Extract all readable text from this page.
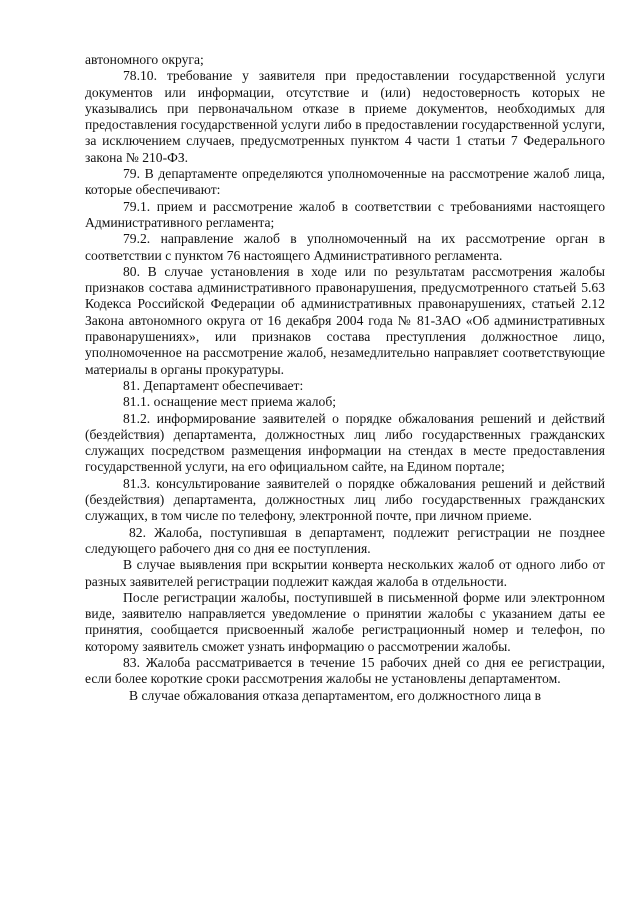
автономного округа;

78.10. требование у заявителя при предоставлении государственной услуги документов или информации, отсутствие и (или) недостоверность которых не указывались при первоначальном отказе в приеме документов, необходимых для предоставления государственной услуги либо в предоставлении государственной услуги, за исключением случаев, предусмотренных пунктом 4 части 1 статьи 7 Федерального закона № 210-ФЗ.

79. В департаменте определяются уполномоченные на рассмотрение жалоб лица, которые обеспечивают:

79.1. прием и рассмотрение жалоб в соответствии с требованиями настоящего Административного регламента;

79.2. направление жалоб в уполномоченный на их рассмотрение орган в соответствии с пунктом 76 настоящего Административного регламента.

80. В случае установления в ходе или по результатам рассмотрения жалобы признаков состава административного правонарушения, предусмотренного статьей 5.63 Кодекса Российской Федерации об административных правонарушениях, статьей 2.12 Закона автономного округа от 16 декабря 2004 года № 81-ЗАО «Об административных правонарушениях», или признаков состава преступления должностное лицо, уполномоченное на рассмотрение жалоб, незамедлительно направляет соответствующие материалы в органы прокуратуры.

81. Департамент обеспечивает:

81.1. оснащение мест приема жалоб;

81.2. информирование заявителей о порядке обжалования решений и действий (бездействия) департамента, должностных лиц либо государственных гражданских служащих посредством размещения информации на стендах в месте предоставления государственной услуги, на его официальном сайте, на Едином портале;

81.3. консультирование заявителей о порядке обжалования решений и действий (бездействия) департамента, должностных лиц либо государственных гражданских служащих, в том числе по телефону, электронной почте, при личном приеме.

82. Жалоба, поступившая в департамент, подлежит регистрации не позднее следующего рабочего дня со дня ее поступления.

В случае выявления при вскрытии конверта нескольких жалоб от одного либо от разных заявителей регистрации подлежит каждая жалоба в отдельности.

После регистрации жалобы, поступившей в письменной форме или электронном виде, заявителю направляется уведомление о принятии жалобы с указанием даты ее принятия, сообщается присвоенный жалобе регистрационный номер и телефон, по которому заявитель сможет узнать информацию о рассмотрении жалобы.

83. Жалоба рассматривается в течение 15 рабочих дней со дня ее регистрации, если более короткие сроки рассмотрения жалобы не установлены департаментом.

В случае обжалования отказа департаментом, его должностного лица в
